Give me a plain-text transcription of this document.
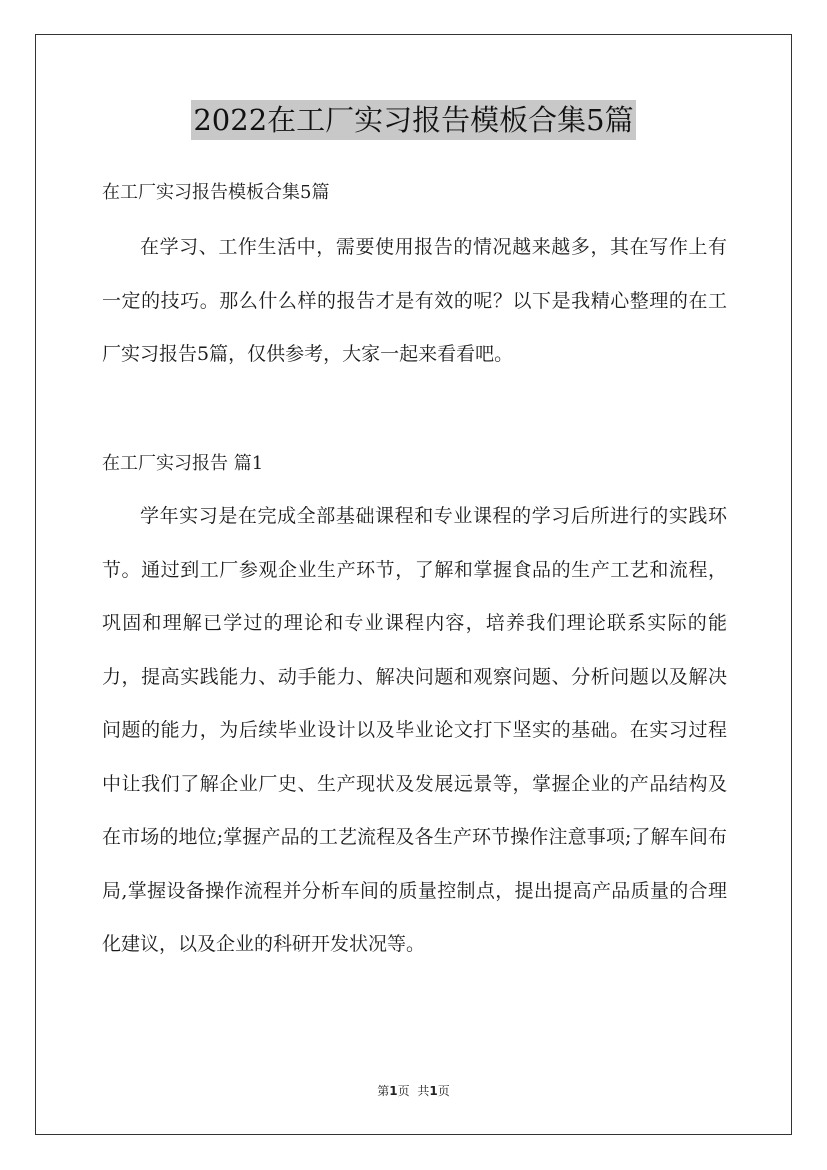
2022在工厂实习报告模板合集5篇
在工厂实习报告模板合集5篇

在学习、工作生活中，需要使用报告的情况越来越多，其在写作上有一定的技巧。那么什么样的报告才是有效的呢？以下是我精心整理的在工厂实习报告5篇，仅供参考，大家一起来看看吧。

在工厂实习报告 篇1

学年实习是在完成全部基础课程和专业课程的学习后所进行的实践环节。通过到工厂参观企业生产环节，了解和掌握食品的生产工艺和流程，巩固和理解已学过的理论和专业课程内容，培养我们理论联系实际的能力，提高实践能力、动手能力、解决问题和观察问题、分析问题以及解决问题的能力，为后续毕业设计以及毕业论文打下坚实的基础。在实习过程中让我们了解企业厂史、生产现状及发展远景等，掌握企业的产品结构及在市场的地位;掌握产品的工艺流程及各生产环节操作注意事项;了解车间布局,掌握设备操作流程并分析车间的质量控制点，提出提高产品质量的合理化建议，以及企业的科研开发状况等。

第1页 共1页
